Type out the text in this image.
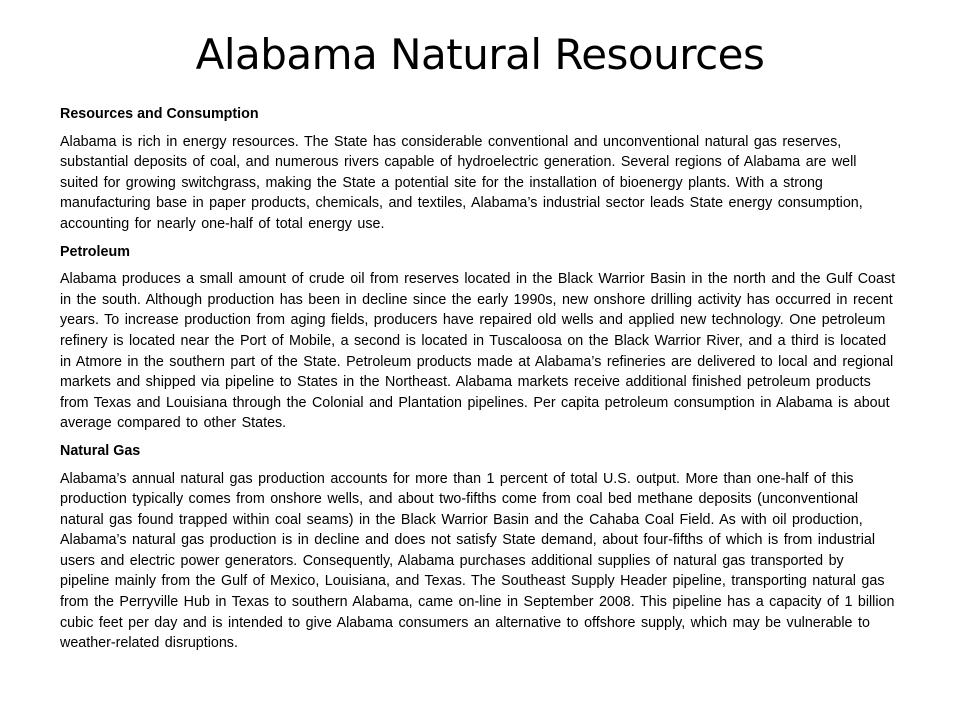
Alabama Natural Resources
Resources and Consumption
Alabama is rich in energy resources. The State has considerable conventional and unconventional natural gas reserves, substantial deposits of coal, and numerous rivers capable of hydroelectric generation. Several regions of Alabama are well suited for growing switchgrass, making the State a potential site for the installation of bioenergy plants. With a strong manufacturing base in paper products, chemicals, and textiles, Alabama’s industrial sector leads State energy consumption, accounting for nearly one-half of total energy use.
Petroleum
Alabama produces a small amount of crude oil from reserves located in the Black Warrior Basin in the north and the Gulf Coast in the south. Although production has been in decline since the early 1990s, new onshore drilling activity has occurred in recent years. To increase production from aging fields, producers have repaired old wells and applied new technology. One petroleum refinery is located near the Port of Mobile, a second is located in Tuscaloosa on the Black Warrior River, and a third is located in Atmore in the southern part of the State. Petroleum products made at Alabama’s refineries are delivered to local and regional markets and shipped via pipeline to States in the Northeast. Alabama markets receive additional finished petroleum products from Texas and Louisiana through the Colonial and Plantation pipelines. Per capita petroleum consumption in Alabama is about average compared to other States.
Natural Gas
Alabama’s annual natural gas production accounts for more than 1 percent of total U.S. output. More than one-half of this production typically comes from onshore wells, and about two-fifths come from coal bed methane deposits (unconventional natural gas found trapped within coal seams) in the Black Warrior Basin and the Cahaba Coal Field. As with oil production, Alabama’s natural gas production is in decline and does not satisfy State demand, about four-fifths of which is from industrial users and electric power generators. Consequently, Alabama purchases additional supplies of natural gas transported by pipeline mainly from the Gulf of Mexico, Louisiana, and Texas. The Southeast Supply Header pipeline, transporting natural gas from the Perryville Hub in Texas to southern Alabama, came on-line in September 2008. This pipeline has a capacity of 1 billion cubic feet per day and is intended to give Alabama consumers an alternative to offshore supply, which may be vulnerable to weather-related disruptions.
